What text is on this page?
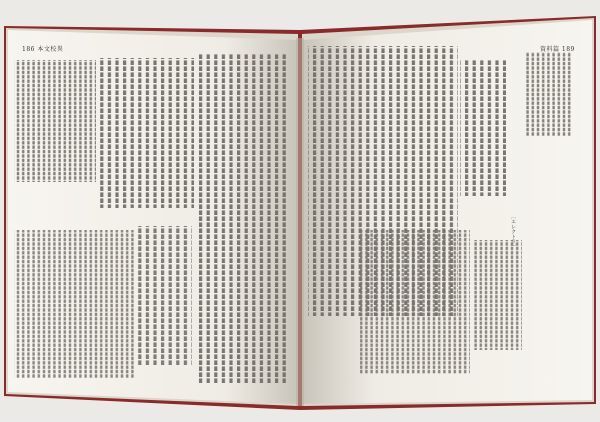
186 本文校異	資料篇 189
［エレクトラ］
